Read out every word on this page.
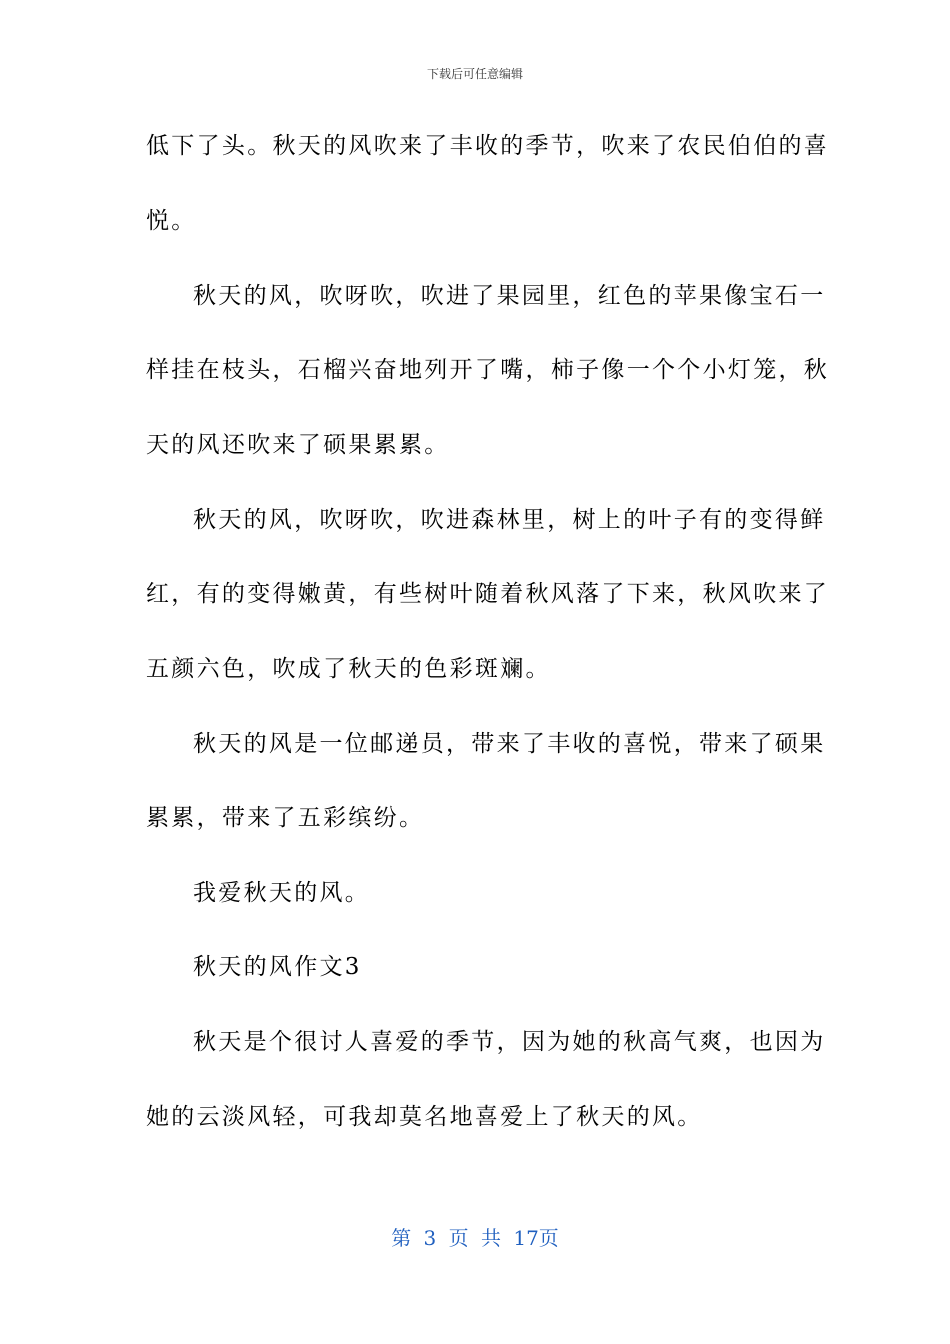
下载后可任意编辑
低下了头。秋天的风吹来了丰收的季节，吹来了农民伯伯的喜
悦。
秋天的风，吹呀吹，吹进了果园里，红色的苹果像宝石一
样挂在枝头，石榴兴奋地列开了嘴，柿子像一个个小灯笼，秋
天的风还吹来了硕果累累。
秋天的风，吹呀吹，吹进森林里，树上的叶子有的变得鲜
红，有的变得嫩黄，有些树叶随着秋风落了下来，秋风吹来了
五颜六色，吹成了秋天的色彩斑斓。
秋天的风是一位邮递员，带来了丰收的喜悦，带来了硕果
累累，带来了五彩缤纷。
我爱秋天的风。
秋天的风作文3
秋天是个很讨人喜爱的季节，因为她的秋高气爽，也因为
她的云淡风轻，可我却莫名地喜爱上了秋天的风。
第 3 页 共 17页
